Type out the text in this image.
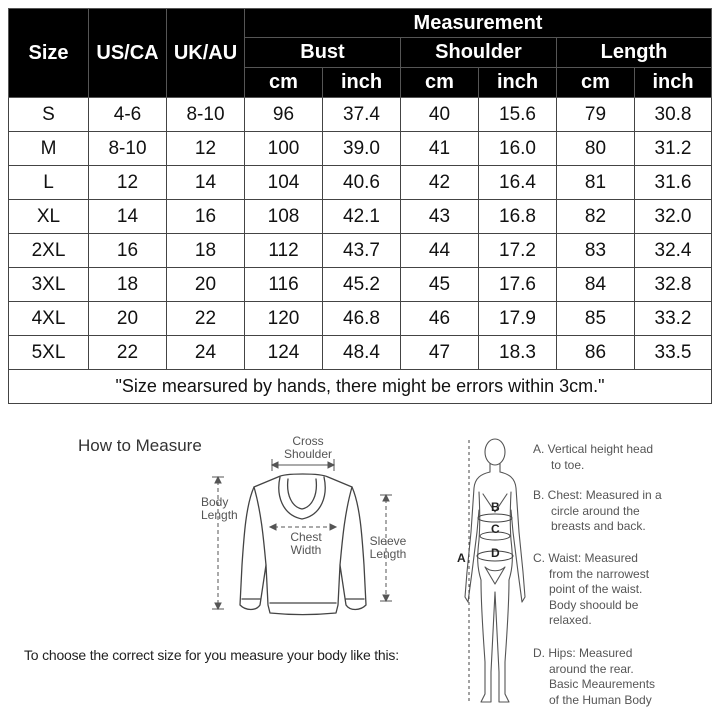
Size	US/CA	UK/AU	Measurement					
			Bust		Shoulder		Length	
			cm	inch	cm	inch	cm	inch
S	4-6	8-10	96	37.4	40	15.6	79	30.8
M	8-10	12	100	39.0	41	16.0	80	31.2
L	12	14	104	40.6	42	16.4	81	31.6
XL	14	16	108	42.1	43	16.8	82	32.0
2XL	16	18	112	43.7	44	17.2	83	32.4
3XL	18	20	116	45.2	45	17.6	84	32.8
4XL	20	22	120	46.8	46	17.9	85	33.2
5XL	22	24	124	48.4	47	18.3	86	33.5
"Size mearsured by hands, there might be errors within 3cm."								
How to Measure	Cross
Shoulder
Body
Length
Chest
Width
Sleeve
Length
To choose the correct size for you measure your body like this:
A
B
C
D
A. Vertical height head
to toe.
B. Chest: Measured in a
circle around the
breasts and back.
C. Waist: Measured
from the narrowest
point of the waist.
Body shoould be
relaxed.
D. Hips: Measured
around the rear.
Basic Meaurements
of the Human Body
